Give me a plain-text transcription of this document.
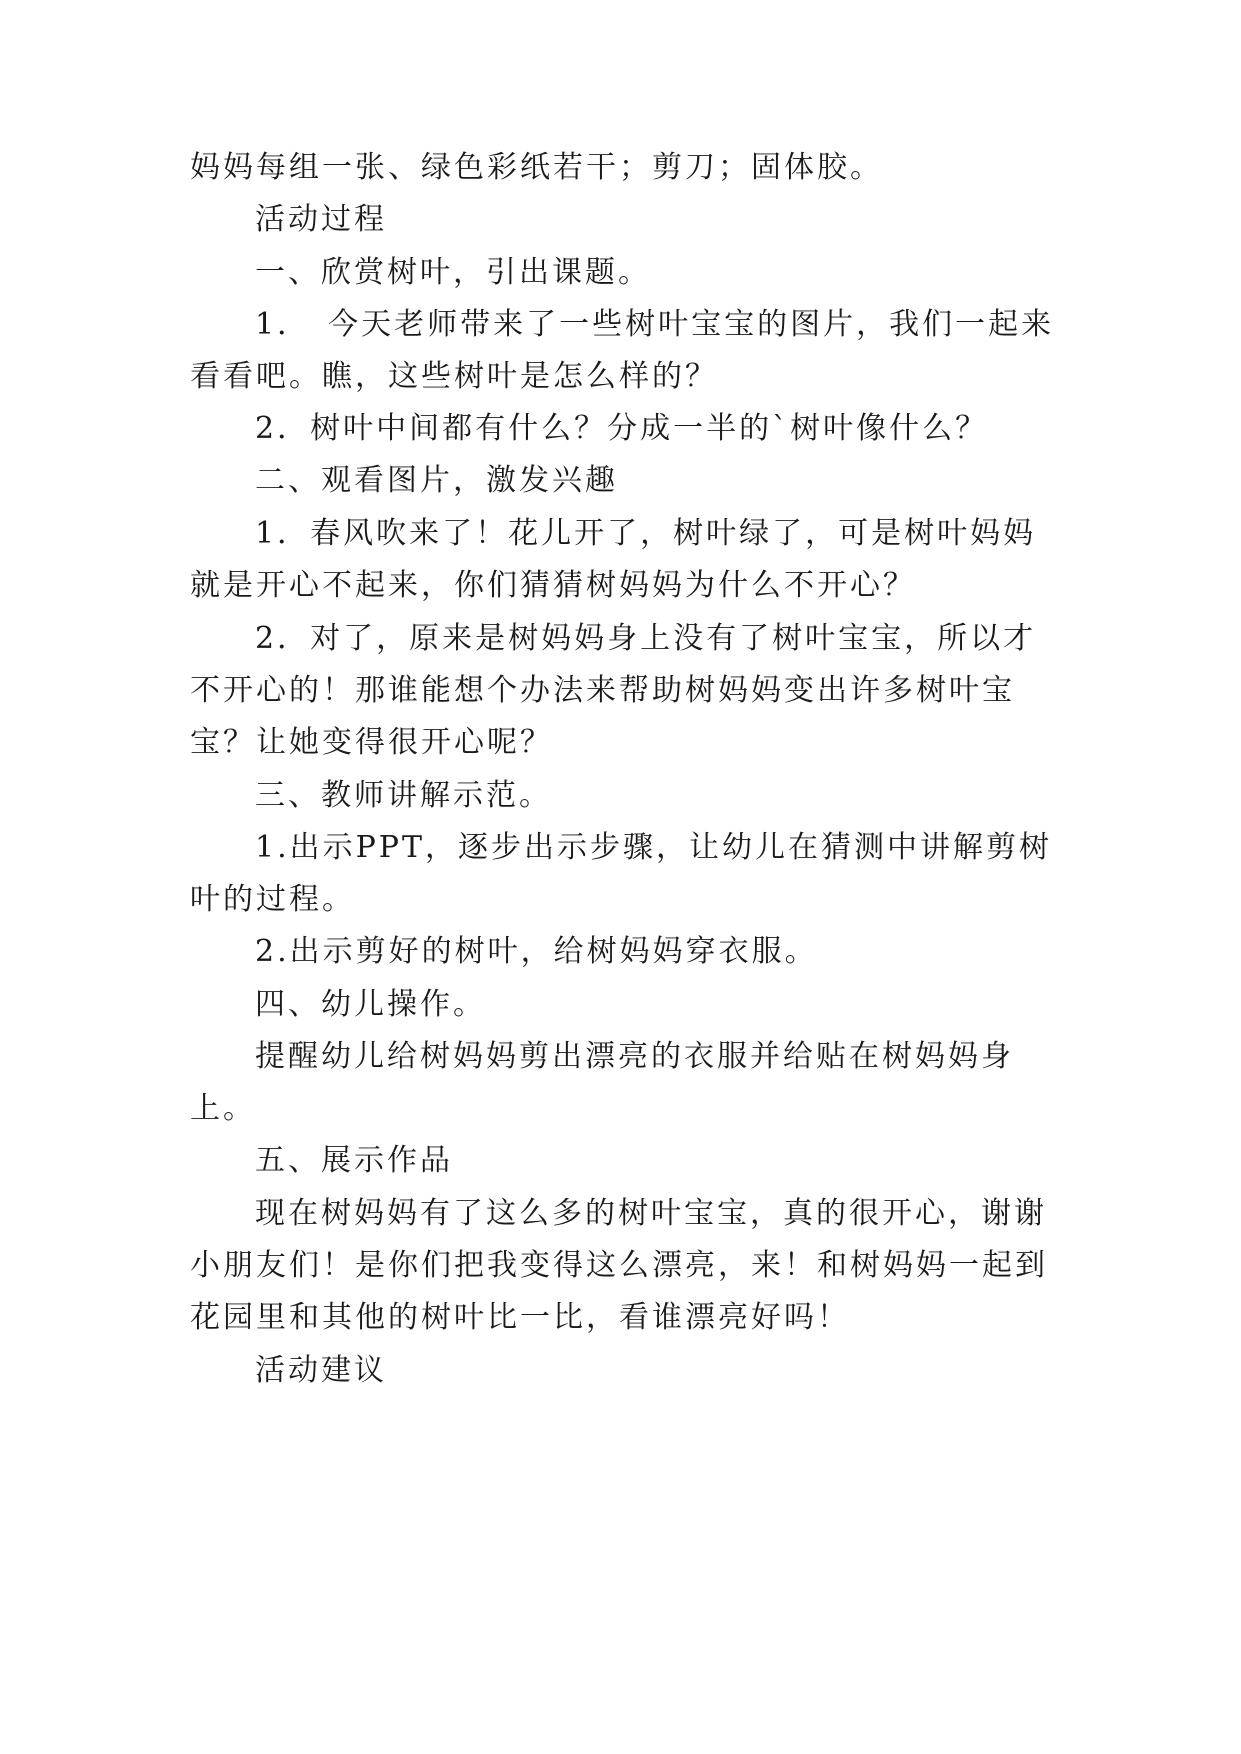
妈妈每组一张、绿色彩纸若干；剪刀；固体胶。

活动过程

一、欣赏树叶，引出课题。

1．　今天老师带来了一些树叶宝宝的图片，我们一起来

看看吧。瞧，这些树叶是怎么样的？

2．树叶中间都有什么？分成一半的`树叶像什么？

二、观看图片，激发兴趣

1．春风吹来了！花儿开了，树叶绿了，可是树叶妈妈

就是开心不起来，你们猜猜树妈妈为什么不开心？

2．对了，原来是树妈妈身上没有了树叶宝宝，所以才

不开心的！那谁能想个办法来帮助树妈妈变出许多树叶宝

宝？让她变得很开心呢？

三、教师讲解示范。

1.出示PPT，逐步出示步骤，让幼儿在猜测中讲解剪树

叶的过程。

2.出示剪好的树叶，给树妈妈穿衣服。

四、幼儿操作。

提醒幼儿给树妈妈剪出漂亮的衣服并给贴在树妈妈身

上。

五、展示作品

现在树妈妈有了这么多的树叶宝宝，真的很开心，谢谢

小朋友们！是你们把我变得这么漂亮，来！和树妈妈一起到

花园里和其他的树叶比一比，看谁漂亮好吗！

活动建议
